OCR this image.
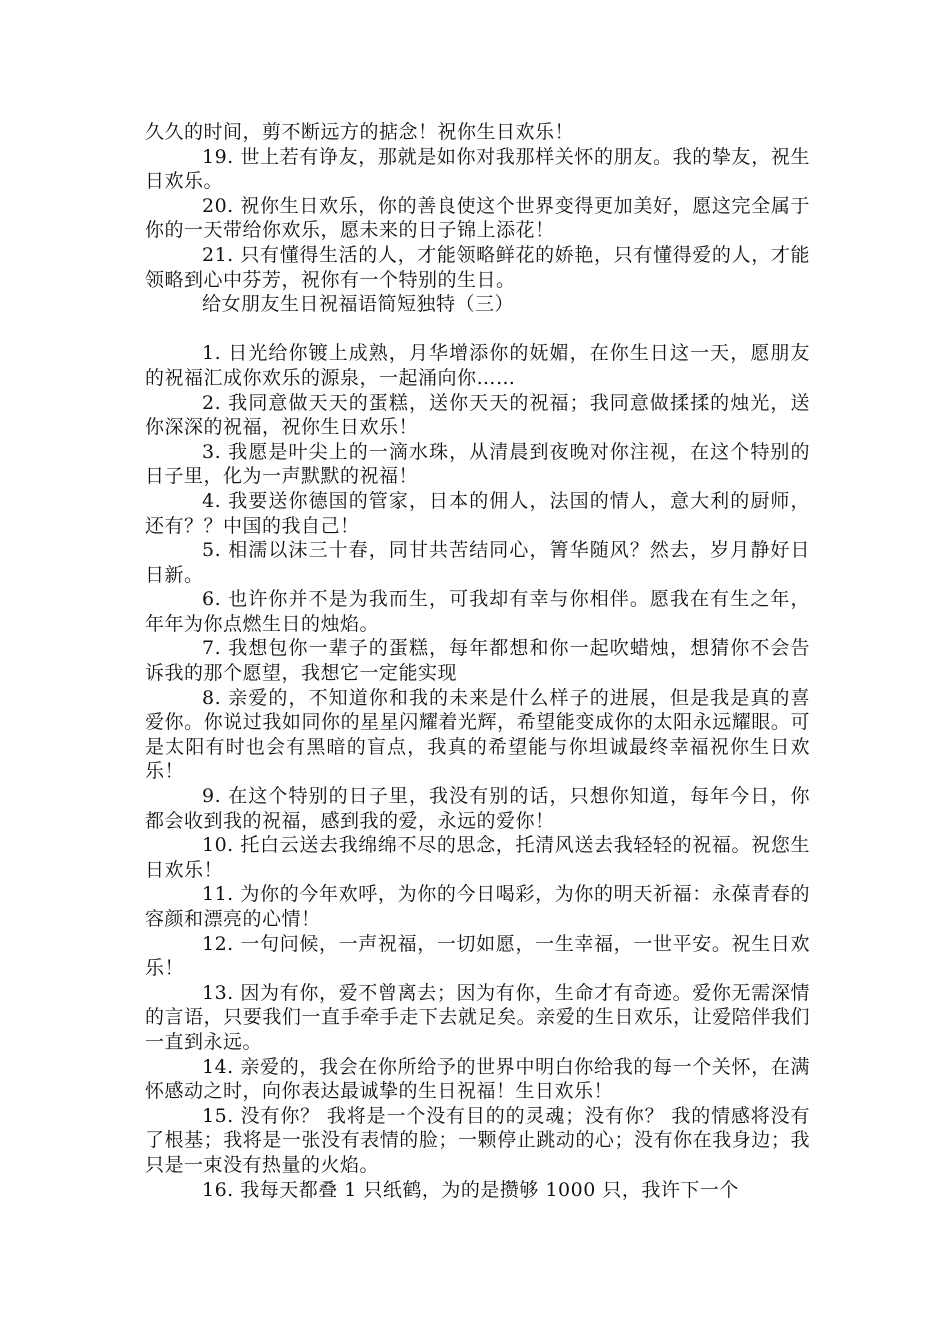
久久的时间，剪不断远方的掂念！祝你生日欢乐！

19. 世上若有诤友，那就是如你对我那样关怀的朋友。我的挚友，祝生日欢乐。

20. 祝你生日欢乐，你的善良使这个世界变得更加美好，愿这完全属于你的一天带给你欢乐，愿未来的日子锦上添花！

21. 只有懂得生活的人，才能领略鲜花的娇艳，只有懂得爱的人，才能领略到心中芬芳，祝你有一个特别的生日。

给女朋友生日祝福语简短独特（三）

1. 日光给你镀上成熟，月华增添你的妩媚，在你生日这一天，愿朋友的祝福汇成你欢乐的源泉，一起涌向你……

2. 我同意做天天的蛋糕，送你天天的祝福；我同意做揉揉的烛光，送你深深的祝福，祝你生日欢乐！

3. 我愿是叶尖上的一滴水珠，从清晨到夜晚对你注视，在这个特别的日子里，化为一声默默的祝福！

4. 我要送你德国的管家，日本的佣人，法国的情人，意大利的厨师，还有？？中国的我自己！

5. 相濡以沫三十春，同甘共苦结同心，箐华随风？然去，岁月静好日日新。

6. 也许你并不是为我而生，可我却有幸与你相伴。愿我在有生之年，年年为你点燃生日的烛焰。

7. 我想包你一辈子的蛋糕，每年都想和你一起吹蜡烛，想猜你不会告诉我的那个愿望，我想它一定能实现

8. 亲爱的，不知道你和我的未来是什么样子的进展，但是我是真的喜爱你。你说过我如同你的星星闪耀着光辉，希望能变成你的太阳永远耀眼。可是太阳有时也会有黑暗的盲点，我真的希望能与你坦诚最终幸福祝你生日欢乐！

9. 在这个特别的日子里，我没有别的话，只想你知道，每年今日，你都会收到我的祝福，感到我的爱，永远的爱你！

10. 托白云送去我绵绵不尽的思念，托清风送去我轻轻的祝福。祝您生日欢乐！

11. 为你的今年欢呼，为你的今日喝彩，为你的明天祈福：永葆青春的容颜和漂亮的心情！

12. 一句问候，一声祝福，一切如愿，一生幸福，一世平安。祝生日欢乐！

13. 因为有你，爱不曾离去；因为有你，生命才有奇迹。爱你无需深情的言语，只要我们一直手牵手走下去就足矣。亲爱的生日欢乐，让爱陪伴我们一直到永远。

14. 亲爱的，我会在你所给予的世界中明白你给我的每一个关怀，在满怀感动之时，向你表达最诚挚的生日祝福！生日欢乐！

15. 没有你？ 我将是一个没有目的的灵魂；没有你？ 我的情感将没有了根基；我将是一张没有表情的脸；一颗停止跳动的心；没有你在我身边；我只是一束没有热量的火焰。

16. 我每天都叠 1 只纸鹤，为的是攒够 1000 只，我许下一个
